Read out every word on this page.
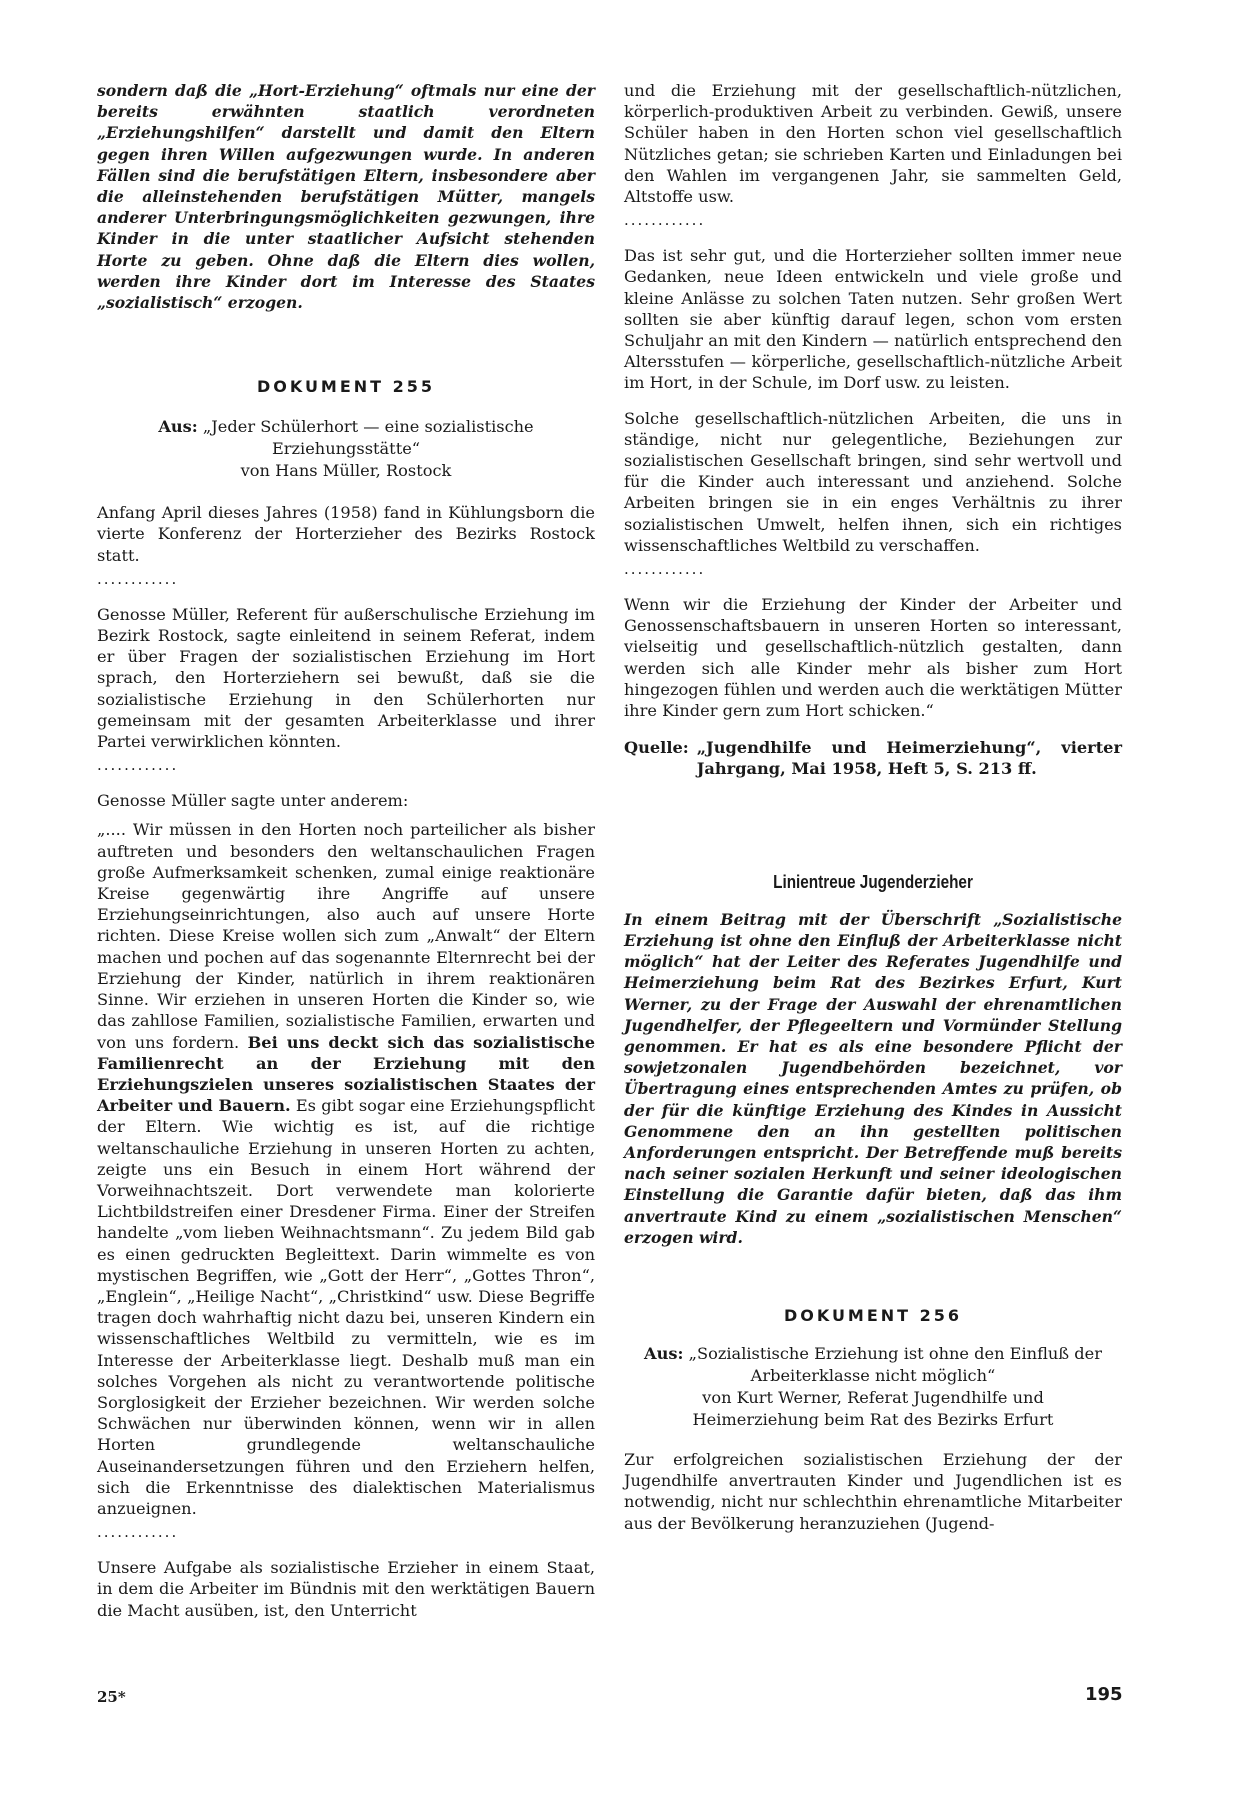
sondern daß die „Hort-Erziehung“ oftmals nur eine der bereits erwähnten staatlich verordneten „Erziehungshilfen“ darstellt und damit den Eltern gegen ihren Willen aufgezwungen wurde. In anderen Fällen sind die berufstätigen Eltern, insbesondere aber die alleinstehenden berufstätigen Mütter, mangels anderer Unterbringungsmöglichkeiten gezwungen, ihre Kinder in die unter staatlicher Aufsicht stehenden Horte zu geben. Ohne daß die Eltern dies wollen, werden ihre Kinder dort im Interesse des Staates „sozialistisch“ erzogen.

DOKUMENT 255
Aus: „Jeder Schülerhort — eine sozialistische Erziehungsstätte“
von Hans Müller, Rostock

Anfang April dieses Jahres (1958) fand in Kühlungsborn die vierte Konferenz der Horterzieher des Bezirks Rostock statt.

............

Genosse Müller, Referent für außerschulische Erziehung im Bezirk Rostock, sagte einleitend in seinem Referat, indem er über Fragen der sozialistischen Erziehung im Hort sprach, den Horterziehern sei bewußt, daß sie die sozialistische Erziehung in den Schülerhorten nur gemeinsam mit der gesamten Arbeiterklasse und ihrer Partei verwirklichen könnten.

............

Genosse Müller sagte unter anderem:

„.... Wir müssen in den Horten noch parteilicher als bisher auftreten und besonders den weltanschaulichen Fragen große Aufmerksamkeit schenken, zumal einige reaktionäre Kreise gegenwärtig ihre Angriffe auf unsere Erziehungseinrichtungen, also auch auf unsere Horte richten. Diese Kreise wollen sich zum „Anwalt“ der Eltern machen und pochen auf das sogenannte Elternrecht bei der Erziehung der Kinder, natürlich in ihrem reaktionären Sinne. Wir erziehen in unseren Horten die Kinder so, wie das zahllose Familien, sozialistische Familien, erwarten und von uns fordern. Bei uns deckt sich das sozialistische Familienrecht an der Erziehung mit den Erziehungszielen unseres sozialistischen Staates der Arbeiter und Bauern. Es gibt sogar eine Erziehungspflicht der Eltern. Wie wichtig es ist, auf die richtige weltanschauliche Erziehung in unseren Horten zu achten, zeigte uns ein Besuch in einem Hort während der Vorweihnachtszeit. Dort verwendete man kolorierte Lichtbildstreifen einer Dresdener Firma. Einer der Streifen handelte „vom lieben Weihnachtsmann“. Zu jedem Bild gab es einen gedruckten Begleittext. Darin wimmelte es von mystischen Begriffen, wie „Gott der Herr“, „Gottes Thron“, „Englein“, „Heilige Nacht“, „Christkind“ usw. Diese Begriffe tragen doch wahrhaftig nicht dazu bei, unseren Kindern ein wissenschaftliches Weltbild zu vermitteln, wie es im Interesse der Arbeiterklasse liegt. Deshalb muß man ein solches Vorgehen als nicht zu verantwortende politische Sorglosigkeit der Erzieher bezeichnen. Wir werden solche Schwächen nur überwinden können, wenn wir in allen Horten grundlegende weltanschauliche Auseinandersetzungen führen und den Erziehern helfen, sich die Erkenntnisse des dialektischen Materialismus anzueignen.

............

Unsere Aufgabe als sozialistische Erzieher in einem Staat, in dem die Arbeiter im Bündnis mit den werktätigen Bauern die Macht ausüben, ist, den Unterricht

und die Erziehung mit der gesellschaftlich-nützlichen, körperlich-produktiven Arbeit zu verbinden. Gewiß, unsere Schüler haben in den Horten schon viel gesellschaftlich Nützliches getan; sie schrieben Karten und Einladungen bei den Wahlen im vergangenen Jahr, sie sammelten Geld, Altstoffe usw.

............

Das ist sehr gut, und die Horterzieher sollten immer neue Gedanken, neue Ideen entwickeln und viele große und kleine Anlässe zu solchen Taten nutzen. Sehr großen Wert sollten sie aber künftig darauf legen, schon vom ersten Schuljahr an mit den Kindern — natürlich entsprechend den Altersstufen — körperliche, gesellschaftlich-nützliche Arbeit im Hort, in der Schule, im Dorf usw. zu leisten.

Solche gesellschaftlich-nützlichen Arbeiten, die uns in ständige, nicht nur gelegentliche, Beziehungen zur sozialistischen Gesellschaft bringen, sind sehr wertvoll und für die Kinder auch interessant und anziehend. Solche Arbeiten bringen sie in ein enges Verhältnis zu ihrer sozialistischen Umwelt, helfen ihnen, sich ein richtiges wissenschaftliches Weltbild zu verschaffen.

............

Wenn wir die Erziehung der Kinder der Arbeiter und Genossenschaftsbauern in unseren Horten so interessant, vielseitig und gesellschaftlich-nützlich gestalten, dann werden sich alle Kinder mehr als bisher zum Hort hingezogen fühlen und werden auch die werktätigen Mütter ihre Kinder gern zum Hort schicken.“

Quelle: „Jugendhilfe und Heimerziehung“, vierter Jahrgang, Mai 1958, Heft 5, S. 213 ff.
Linientreue Jugenderzieher

In einem Beitrag mit der Überschrift „Sozialistische Erziehung ist ohne den Einfluß der Arbeiterklasse nicht möglich“ hat der Leiter des Referates Jugendhilfe und Heimerziehung beim Rat des Bezirkes Erfurt, Kurt Werner, zu der Frage der Auswahl der ehrenamtlichen Jugendhelfer, der Pflegeeltern und Vormünder Stellung genommen. Er hat es als eine besondere Pflicht der sowjetzonalen Jugendbehörden bezeichnet, vor Übertragung eines entsprechenden Amtes zu prüfen, ob der für die künftige Erziehung des Kindes in Aussicht Genommene den an ihn gestellten politischen Anforderungen entspricht. Der Betreffende muß bereits nach seiner sozialen Herkunft und seiner ideologischen Einstellung die Garantie dafür bieten, daß das ihm anvertraute Kind zu einem „sozialistischen Menschen“ erzogen wird.

DOKUMENT 256
Aus: „Sozialistische Erziehung ist ohne den Einfluß der Arbeiterklasse nicht möglich“
von Kurt Werner, Referat Jugendhilfe und Heimerziehung beim Rat des Bezirks Erfurt

Zur erfolgreichen sozialistischen Erziehung der der Jugendhilfe anvertrauten Kinder und Jugendlichen ist es notwendig, nicht nur schlechthin ehrenamtliche Mitarbeiter aus der Bevölkerung heranzuziehen (Jugend-

25*	195
